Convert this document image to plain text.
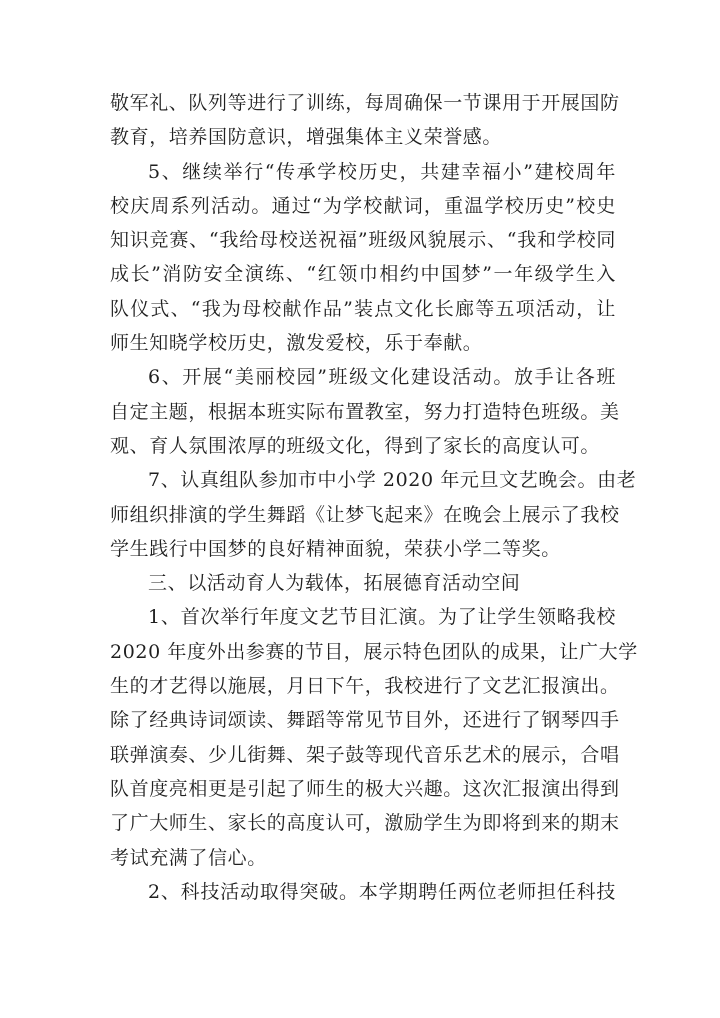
敬军礼、队列等进行了训练，每周确保一节课用于开展国防
教育，培养国防意识，增强集体主义荣誉感。

5、继续举行“传承学校历史，共建幸福小”建校周年
校庆周系列活动。通过“为学校献词，重温学校历史”校史
知识竞赛、“我给母校送祝福”班级风貌展示、“我和学校同
成长”消防安全演练、“红领巾相约中国梦”一年级学生入
队仪式、“我为母校献作品”装点文化长廊等五项活动，让
师生知晓学校历史，激发爱校，乐于奉献。

6、开展“美丽校园”班级文化建设活动。放手让各班
自定主题，根据本班实际布置教室，努力打造特色班级。美
观、育人氛围浓厚的班级文化，得到了家长的高度认可。

7、认真组队参加市中小学 2020 年元旦文艺晚会。由老
师组织排演的学生舞蹈《让梦飞起来》在晚会上展示了我校
学生践行中国梦的良好精神面貌，荣获小学二等奖。

三、以活动育人为载体，拓展德育活动空间

1、首次举行年度文艺节目汇演。为了让学生领略我校
2020 年度外出参赛的节目，展示特色团队的成果，让广大学
生的才艺得以施展，月日下午，我校进行了文艺汇报演出。
除了经典诗词颂读、舞蹈等常见节目外，还进行了钢琴四手
联弹演奏、少儿街舞、架子鼓等现代音乐艺术的展示，合唱
队首度亮相更是引起了师生的极大兴趣。这次汇报演出得到
了广大师生、家长的高度认可，激励学生为即将到来的期末
考试充满了信心。

2、科技活动取得突破。本学期聘任两位老师担任科技
